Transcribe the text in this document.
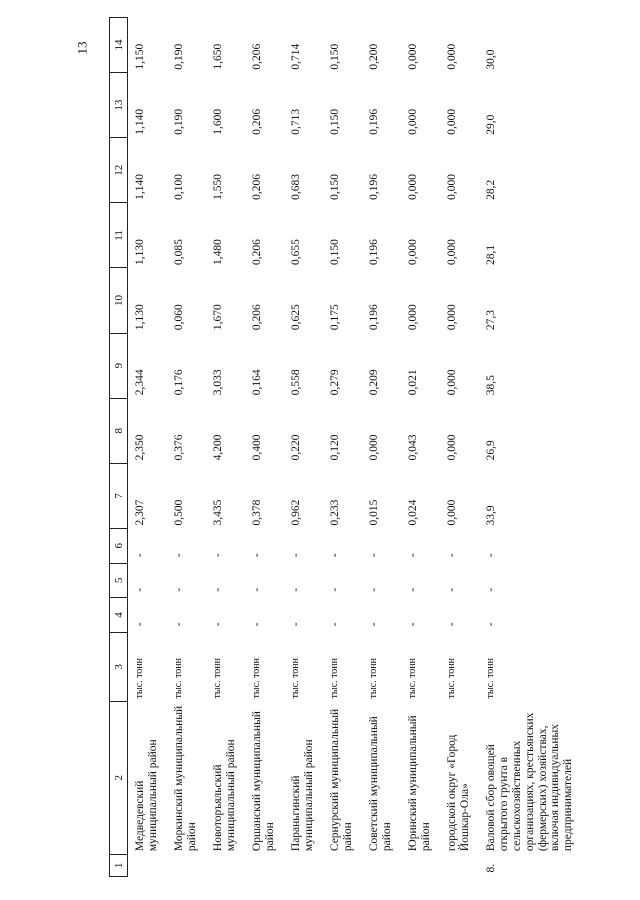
13
1	2	3	4	5	6	7	8	9	10	11	12	13	14
	Медведевский муниципальный район	тыс. тонн	-	-	-	2,307	2,350	2,344	1,130	1,130	1,140	1,140	1,150
	Моркинский муниципальный район	тыс. тонн	-	-	-	0,500	0,376	0,176	0,060	0,085	0,100	0,190	0,190
	Новоторъяльский муниципальный район	тыс. тонн	-	-	-	3,435	4,200	3,033	1,670	1,480	1,550	1,600	1,650
	Оршанский муниципальный район	тыс. тонн	-	-	-	0,378	0,400	0,164	0,206	0,206	0,206	0,206	0,206
	Параньгинский муниципальный район	тыс. тонн	-	-	-	0,962	0,220	0,558	0,625	0,655	0,683	0,713	0,714
	Сернурский муниципальный район	тыс. тонн	-	-	-	0,233	0,120	0,279	0,175	0,150	0,150	0,150	0,150
	Советский муниципальный район	тыс. тонн	-	-	-	0,015	0,000	0,209	0,196	0,196	0,196	0,196	0,200
	Юринский муниципальный район	тыс. тонн	-	-	-	0,024	0,043	0,021	0,000	0,000	0,000	0,000	0,000
	городской округ «Город Йошкар-Ола»	тыс. тонн	-	-	-	0,000	0,000	0,000	0,000	0,000	0,000	0,000	0,000
8.	Валовой сбор овощей открытого грунта в сельскохозяйственных организациях, крестьянских (фермерских) хозяйствах, включая индивидуальных предпринимателей	тыс. тонн	-	-	-	33,9	26,9	38,5	27,3	28,1	28,2	29,0	30,0
